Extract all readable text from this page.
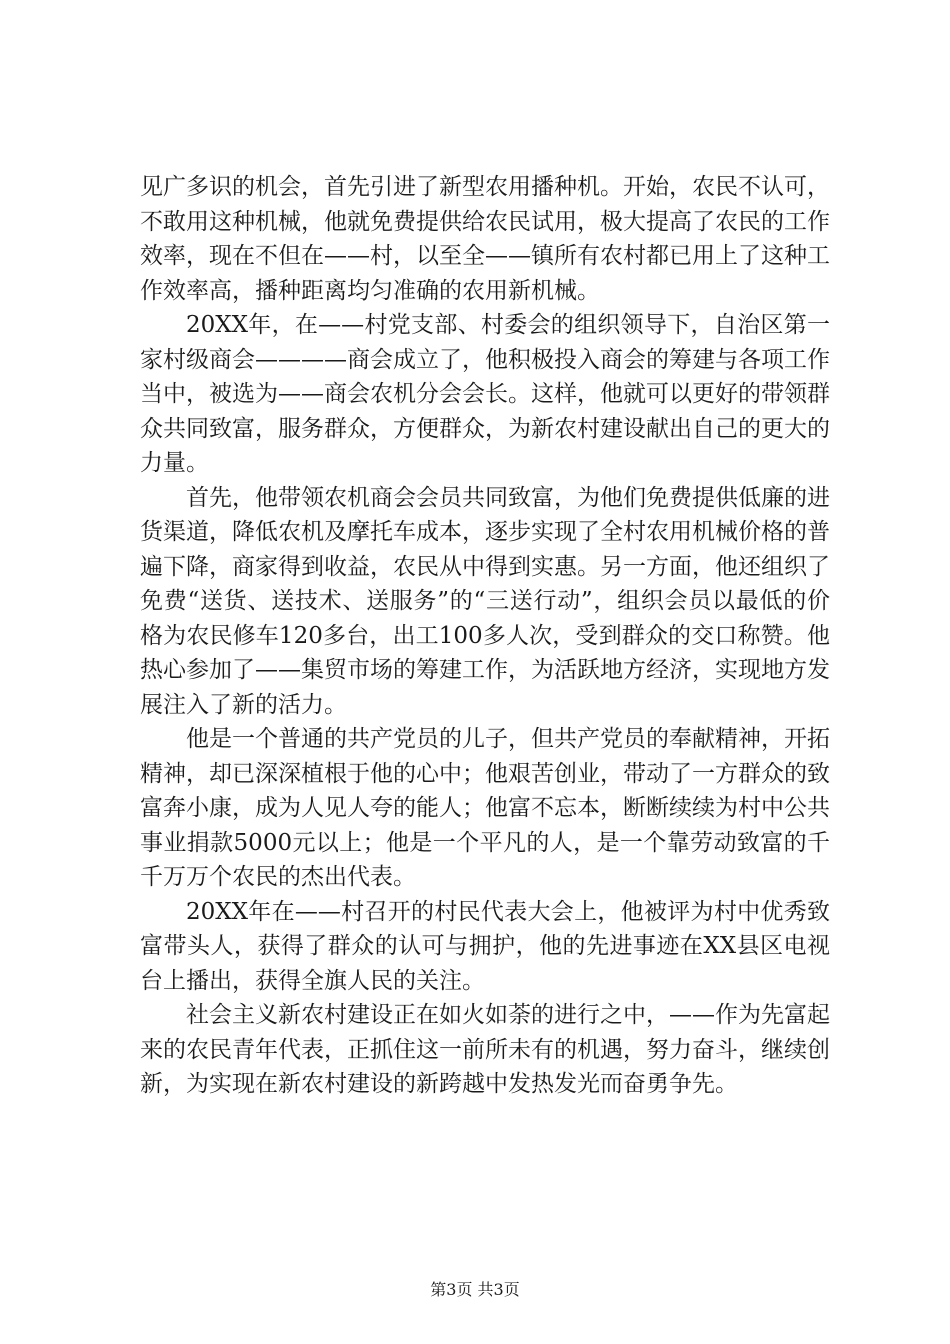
见广多识的机会，首先引进了新型农用播种机。开始，农民不认可，不敢用这种机械，他就免费提供给农民试用，极大提高了农民的工作效率，现在不但在——村，以至全——镇所有农村都已用上了这种工作效率高，播种距离均匀准确的农用新机械。

20XX年，在——村党支部、村委会的组织领导下，自治区第一家村级商会————商会成立了，他积极投入商会的筹建与各项工作当中，被选为——商会农机分会会长。这样，他就可以更好的带领群众共同致富，服务群众，方便群众，为新农村建设献出自己的更大的力量。

首先，他带领农机商会会员共同致富，为他们免费提供低廉的进货渠道，降低农机及摩托车成本，逐步实现了全村农用机械价格的普遍下降，商家得到收益，农民从中得到实惠。另一方面，他还组织了免费“送货、送技术、送服务”的“三送行动”，组织会员以最低的价格为农民修车120多台，出工100多人次，受到群众的交口称赞。他热心参加了——集贸市场的筹建工作，为活跃地方经济，实现地方发展注入了新的活力。

他是一个普通的共产党员的儿子，但共产党员的奉献精神，开拓精神，却已深深植根于他的心中；他艰苦创业，带动了一方群众的致富奔小康，成为人见人夸的能人；他富不忘本，断断续续为村中公共事业捐款5000元以上；他是一个平凡的人，是一个靠劳动致富的千千万万个农民的杰出代表。

20XX年在——村召开的村民代表大会上，他被评为村中优秀致富带头人，获得了群众的认可与拥护，他的先进事迹在XX县区电视台上播出，获得全旗人民的关注。

社会主义新农村建设正在如火如荼的进行之中，——作为先富起来的农民青年代表，正抓住这一前所未有的机遇，努力奋斗，继续创新，为实现在新农村建设的新跨越中发热发光而奋勇争先。

第3页 共3页
